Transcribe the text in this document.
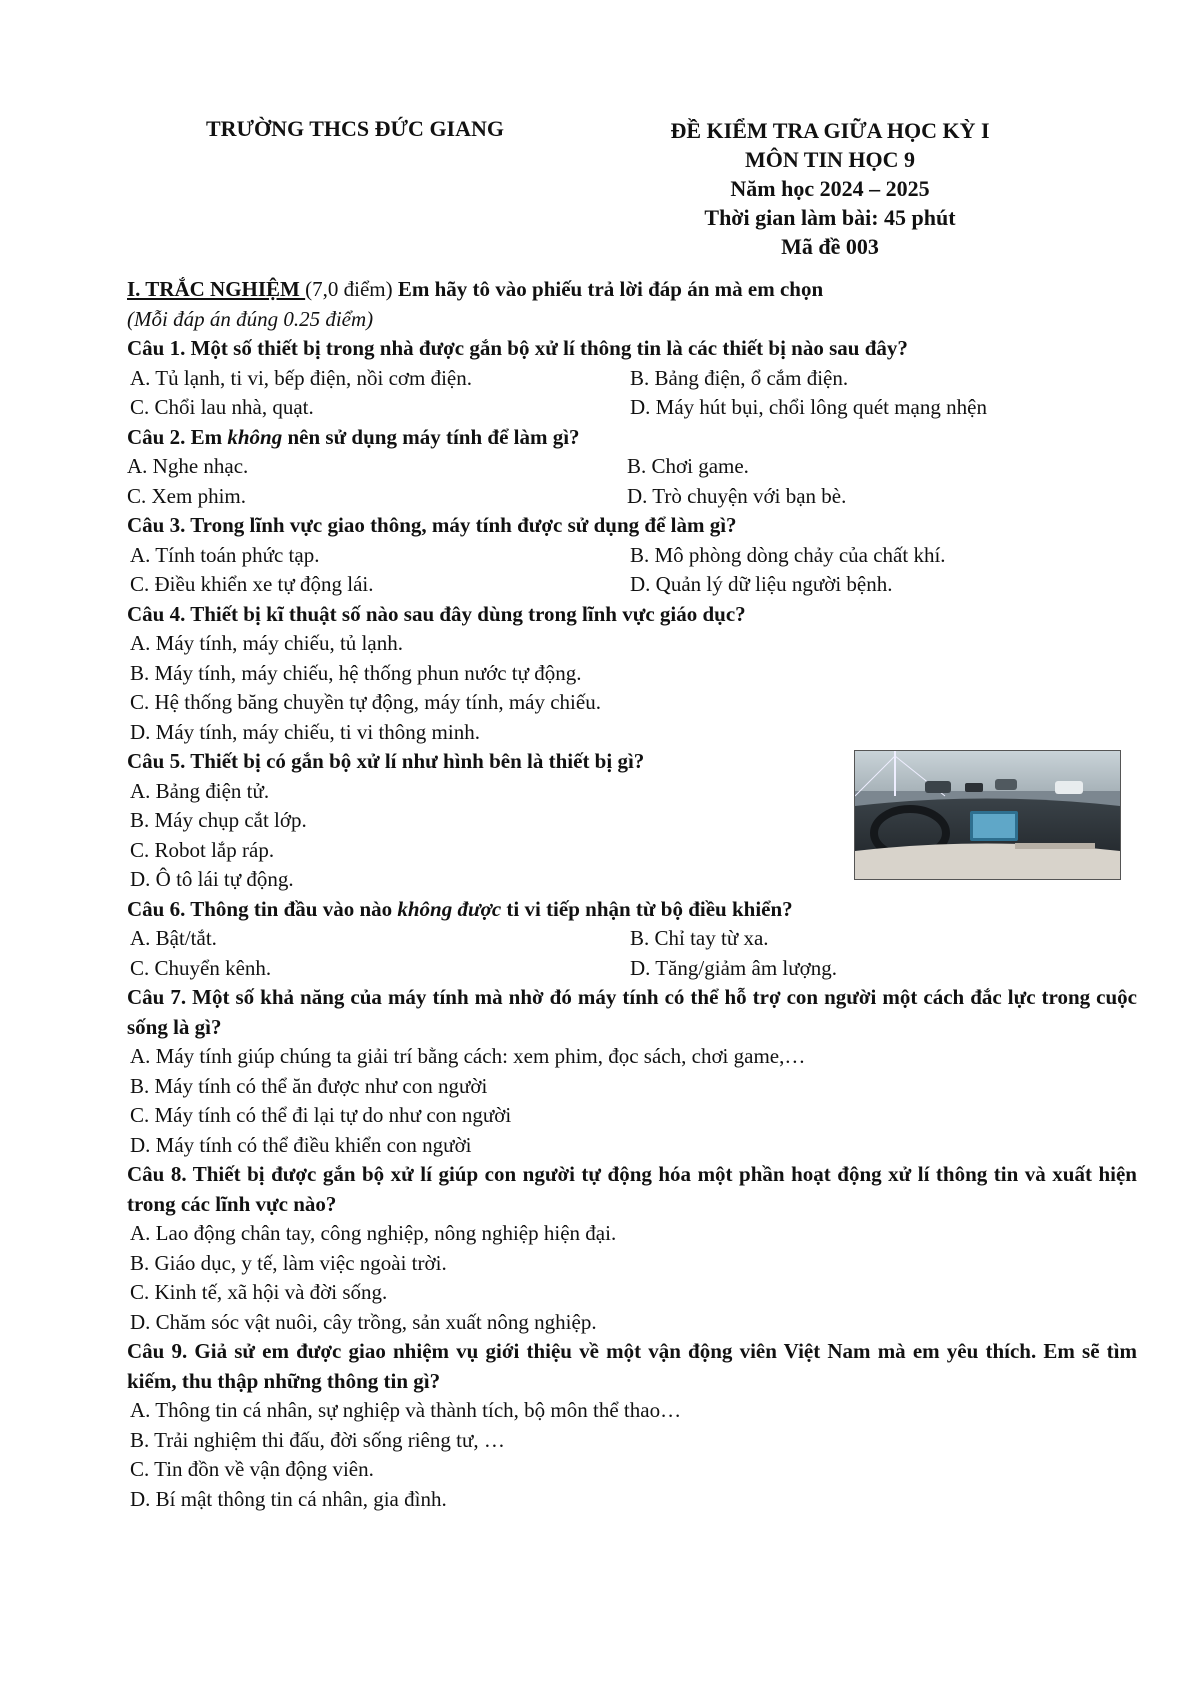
TRƯỜNG THCS ĐỨC GIANG	ĐỀ KIỂM TRA GIỮA HỌC KỲ I
MÔN TIN HỌC 9
Năm học 2024 – 2025
Thời gian làm bài: 45 phút
Mã đề 003
I. TRẮC NGHIỆM (7,0 điểm) Em hãy tô vào phiếu trả lời đáp án mà em chọn
(Mỗi đáp án đúng 0.25 điểm)
Câu 1. Một số thiết bị trong nhà được gắn bộ xử lí thông tin là các thiết bị nào sau đây?
A. Tủ lạnh, ti vi, bếp điện, nồi cơm điện.	B. Bảng điện, ổ cắm điện.
C. Chổi lau nhà, quạt.	D. Máy hút bụi, chổi lông quét mạng nhện
Câu 2. Em không nên sử dụng máy tính để làm gì?
A. Nghe nhạc.	B. Chơi game.
C. Xem phim.	D. Trò chuyện với bạn bè.
Câu 3. Trong lĩnh vực giao thông, máy tính được sử dụng để làm gì?
A. Tính toán phức tạp.	B. Mô phòng dòng chảy của chất khí.
C. Điều khiển xe tự động lái.	D. Quản lý dữ liệu người bệnh.
Câu 4. Thiết bị kĩ thuật số nào sau đây dùng trong lĩnh vực giáo dục?
A. Máy tính, máy chiếu, tủ lạnh.
B. Máy tính, máy chiếu, hệ thống phun nước tự động.
C. Hệ thống băng chuyền tự động, máy tính, máy chiếu.
D. Máy tính, máy chiếu, ti vi thông minh.
Câu 5. Thiết bị có gắn bộ xử lí như hình bên là thiết bị gì?
A. Bảng điện tử.
B. Máy chụp cắt lớp.
C. Robot lắp ráp.
D. Ô tô lái tự động.
Câu 6. Thông tin đầu vào nào không được ti vi tiếp nhận từ bộ điều khiển?
A. Bật/tắt.	B. Chỉ tay từ xa.
C. Chuyển kênh.	D. Tăng/giảm âm lượng.
Câu 7. Một số khả năng của máy tính mà nhờ đó máy tính có thể hỗ trợ con người một cách đắc lực trong cuộc sống là gì?
A. Máy tính giúp chúng ta giải trí bằng cách: xem phim, đọc sách, chơi game,…
B. Máy tính có thể ăn được như con người
C. Máy tính có thể đi lại tự do như con người
D. Máy tính có thể điều khiển con người
Câu 8. Thiết bị được gắn bộ xử lí giúp con người tự động hóa một phần hoạt động xử lí thông tin và xuất hiện trong các lĩnh vực nào?
A. Lao động chân tay, công nghiệp, nông nghiệp hiện đại.
B. Giáo dục, y tế, làm việc ngoài trời.
C. Kinh tế, xã hội và đời sống.
D. Chăm sóc vật nuôi, cây trồng, sản xuất nông nghiệp.
Câu 9. Giả sử em được giao nhiệm vụ giới thiệu về một vận động viên Việt Nam mà em yêu thích. Em sẽ tìm kiếm, thu thập những thông tin gì?
A. Thông tin cá nhân, sự nghiệp và thành tích, bộ môn thể thao…
B. Trải nghiệm thi đấu, đời sống riêng tư, …
C. Tin đồn về vận động viên.
D. Bí mật thông tin cá nhân, gia đình.
